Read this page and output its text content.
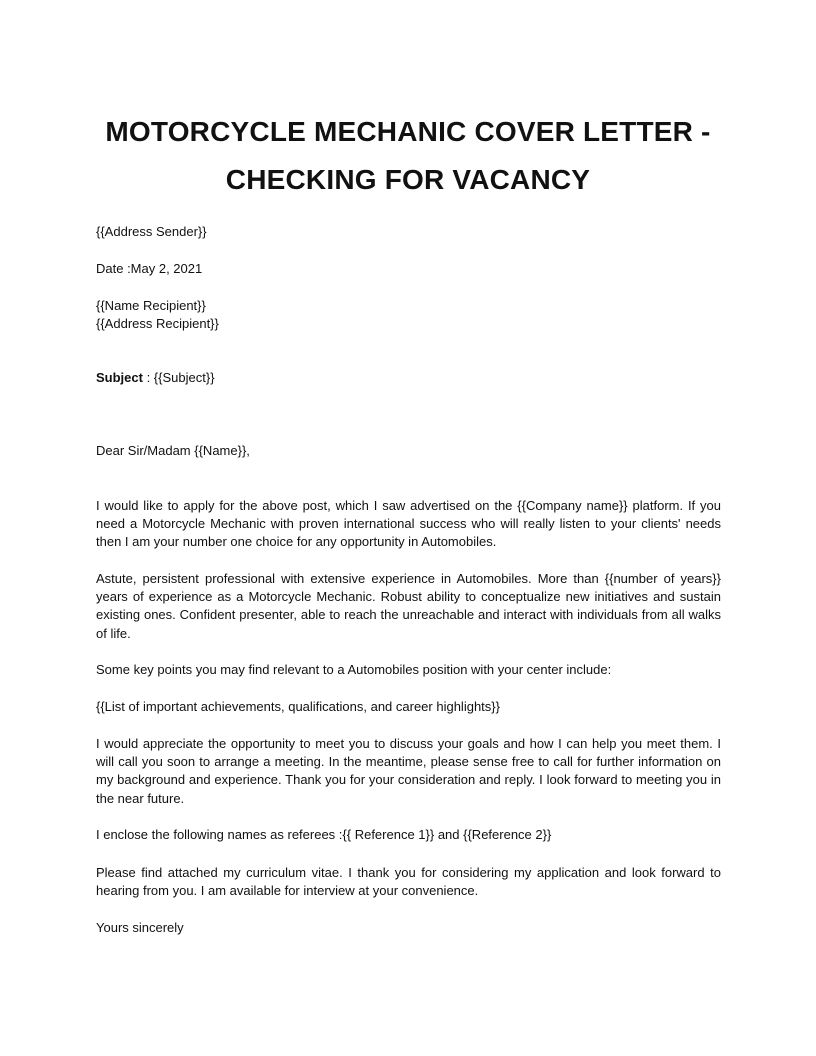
MOTORCYCLE MECHANIC COVER LETTER -
CHECKING FOR VACANCY

{{Address Sender}}

Date :May 2, 2021

{{Name Recipient}}

{{Address Recipient}}

Subject : {{Subject}}

Dear Sir/Madam {{Name}},

I would like to apply for the above post, which I saw advertised on the {{Company name}} platform. If you need a Motorcycle Mechanic with proven international success who will really listen to your clients' needs then I am your number one choice for any opportunity in Automobiles.

Astute, persistent professional with extensive experience in Automobiles. More than {{number of years}} years of experience as a Motorcycle Mechanic. Robust ability to conceptualize new initiatives and sustain existing ones. Confident presenter, able to reach the unreachable and interact with individuals from all walks of life.

Some key points you may find relevant to a Automobiles position with your center include:

{{List of important achievements, qualifications, and career highlights}}

I would appreciate the opportunity to meet you to discuss your goals and how I can help you meet them. I will call you soon to arrange a meeting. In the meantime, please sense free to call for further information on my background and experience. Thank you for your consideration and reply. I look forward to meeting you in the near future.

I enclose the following names as referees :{{ Reference 1}} and {{Reference 2}}

Please find attached my curriculum vitae. I thank you for considering my application and look forward to hearing from you. I am available for interview at your convenience.

Yours sincerely
